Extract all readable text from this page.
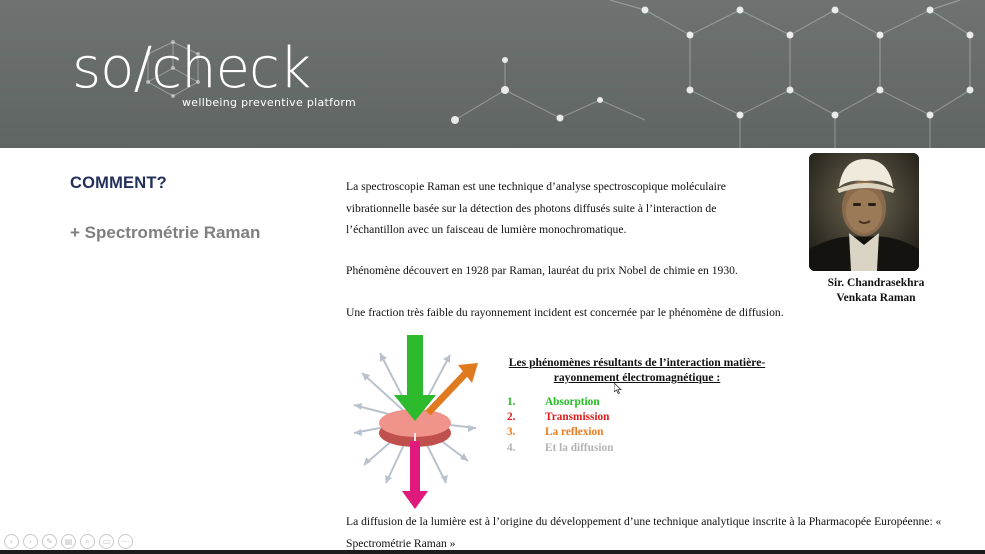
so/check
wellbeing preventive platform
COMMENT?
+ Spectrométrie Raman

La spectroscopie Raman est une technique d’analyse spectroscopique moléculaire vibrationnelle basée sur la détection des photons diffusés suite à l’interaction de l’échantillon avec un faisceau de lumière monochromatique.

Phénomène découvert en 1928 par Raman, lauréat du prix Nobel de chimie en 1930.

Une fraction très faible du rayonnement incident est concernée par le phénomène de diffusion.

La diffusion de la lumière est à l’origine du développement d’une technique analytique inscrite à la Pharmacopée Européenne: « Spectrométrie Raman »

Sir. Chandrasekhra
Venkata Raman
Les phénomènes résultants de l’interaction matière-rayonnement électromagnétique :
1.	Absorption
2.	Transmission
3.	La reflexion
4.	Et la diffusion
‹	›	✎	▤	⌕	▭	⋯
